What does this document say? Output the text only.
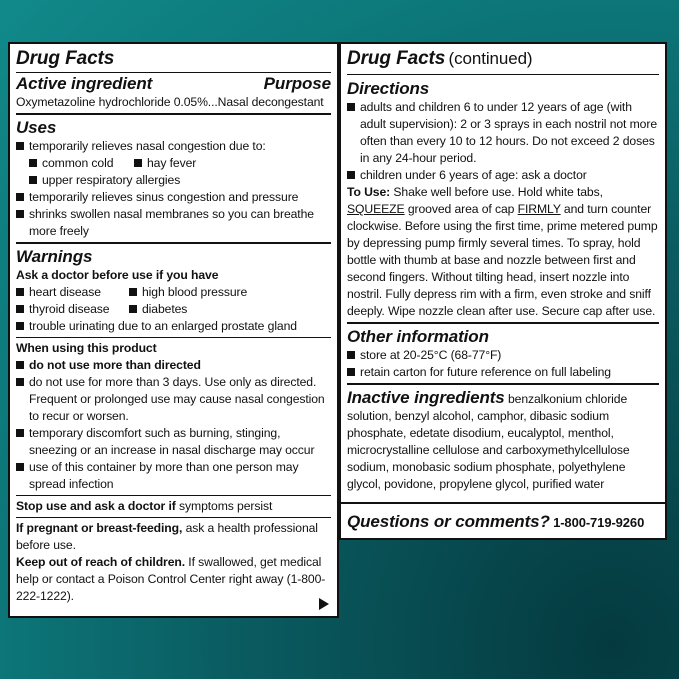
Drug Facts
Active ingredient	Purpose
Oxymetazoline hydrochloride 0.05%...Nasal decongestant
Uses
temporarily relieves nasal congestion due to:
common cold	hay fever
upper respiratory allergies
temporarily relieves sinus congestion and pressure
shrinks swollen nasal membranes so you can breathe more freely
Warnings
Ask a doctor before use if you have
heart disease	high blood pressure
thyroid disease	diabetes
trouble urinating due to an enlarged prostate gland
When using this product
do not use more than directed
do not use for more than 3 days. Use only as directed. Frequent or prolonged use may cause nasal congestion to recur or worsen.
temporary discomfort such as burning, stinging, sneezing or an increase in nasal discharge may occur
use of this container by more than one person may spread infection
Stop use and ask a doctor if symptoms persist
If pregnant or breast-feeding, ask a health professional before use.
Keep out of reach of children. If swallowed, get medical help or contact a Poison Control Center right away (1-800-222-1222).
Drug Facts (continued)
Directions
adults and children 6 to under 12 years of age (with adult supervision): 2 or 3 sprays in each nostril not more often than every 10 to 12 hours. Do not exceed 2 doses in any 24-hour period.
children under 6 years of age: ask a doctor
To Use: Shake well before use. Hold white tabs, SQUEEZE grooved area of cap FIRMLY and turn counter clockwise. Before using the first time, prime metered pump by depressing pump firmly several times. To spray, hold bottle with thumb at base and nozzle between first and second fingers. Without tilting head, insert nozzle into nostril. Fully depress rim with a firm, even stroke and sniff deeply. Wipe nozzle clean after use. Secure cap after use.
Other information
store at 20-25°C (68-77°F)
retain carton for future reference on full labeling
Inactive ingredients benzalkonium chloride solution, benzyl alcohol, camphor, dibasic sodium phosphate, edetate disodium, eucalyptol, menthol, microcrystalline cellulose and carboxymethylcellulose sodium, monobasic sodium phosphate, polyethylene glycol, povidone, propylene glycol, purified water
Questions or comments? 1-800-719-9260
